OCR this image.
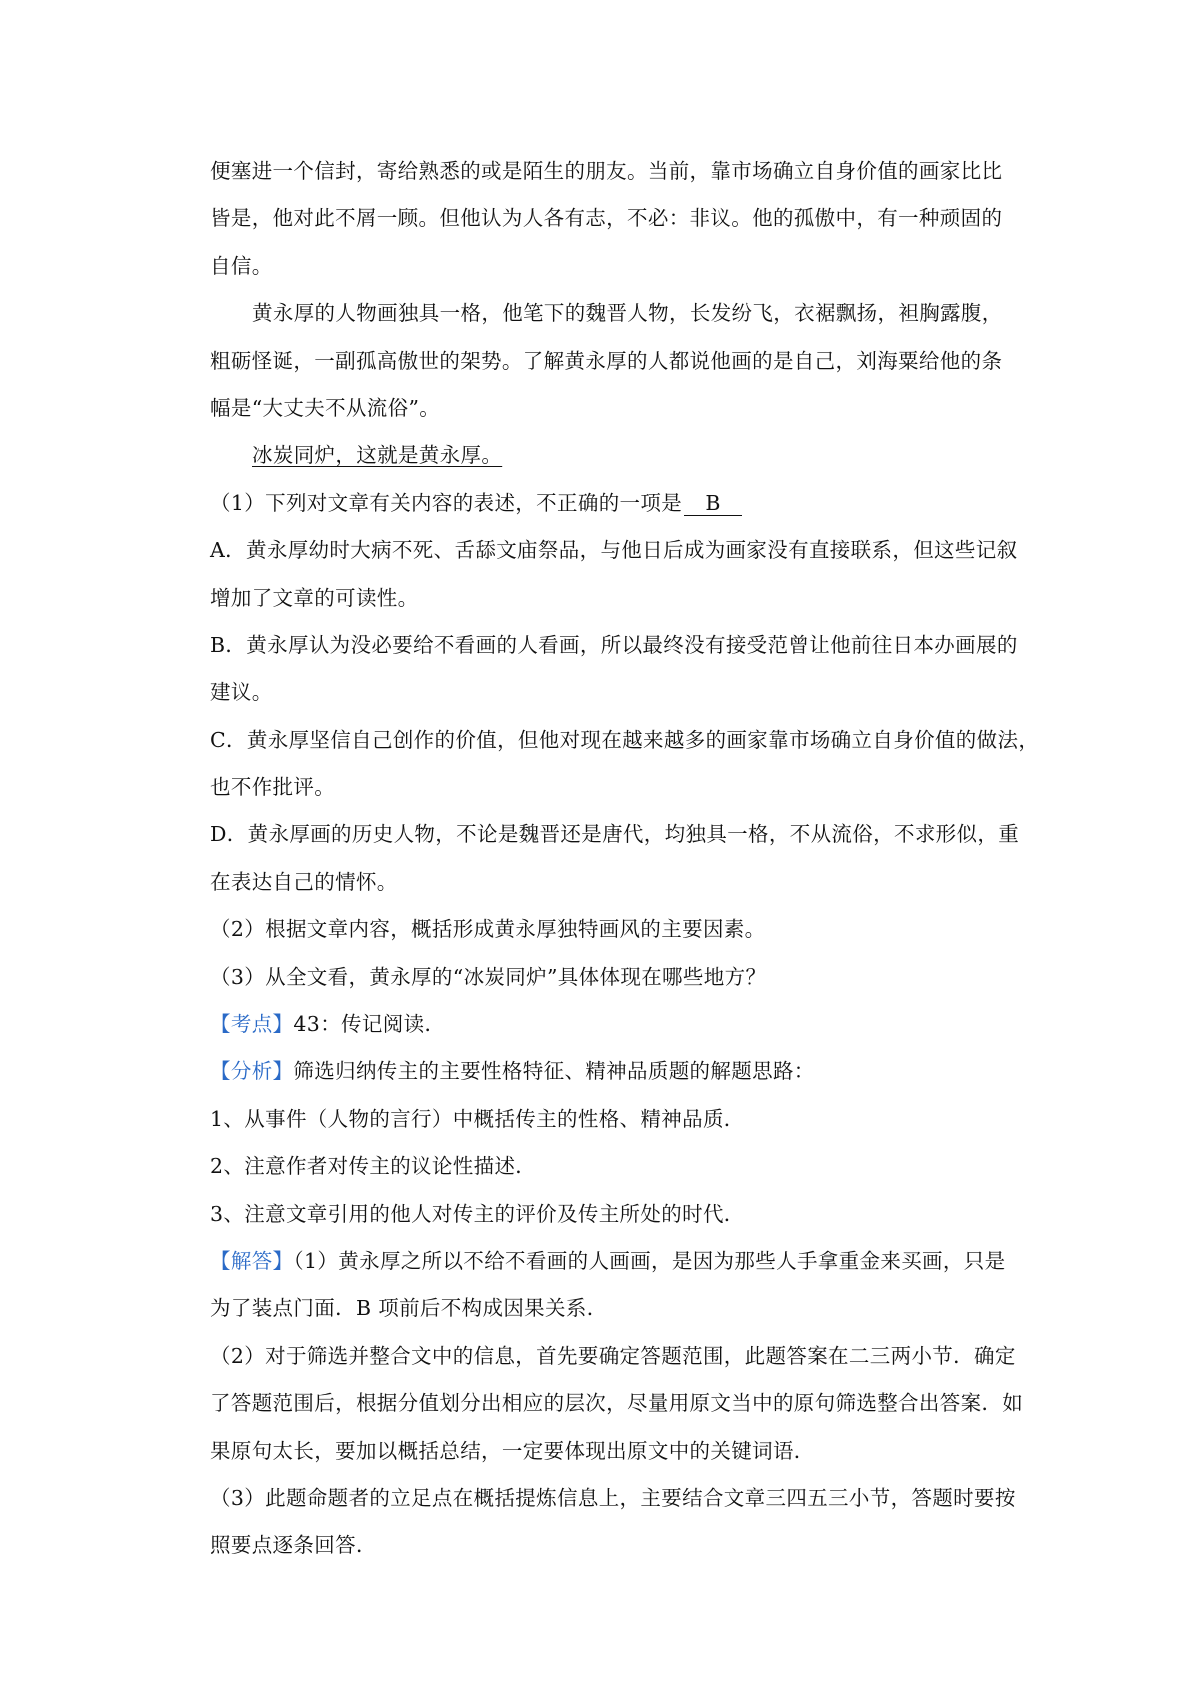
便塞进一个信封，寄给熟悉的或是陌生的朋友。当前，靠市场确立自身价值的画家比比
皆是，他对此不屑一顾。但他认为人各有志，不必：非议。他的孤傲中，有一种顽固的
自信。
黄永厚的人物画独具一格，他笔下的魏晋人物，长发纷飞，衣裾飘扬，袒胸露腹，
粗砺怪诞，一副孤高傲世的架势。了解黄永厚的人都说他画的是自己，刘海粟给他的条
幅是“大丈夫不从流俗”。
冰炭同炉，这就是黄永厚。
（1）下列对文章有关内容的表述，不正确的一项是 B
A．黄永厚幼时大病不死、舌舔文庙祭品，与他日后成为画家没有直接联系，但这些记叙
增加了文章的可读性。
B．黄永厚认为没必要给不看画的人看画，所以最终没有接受范曾让他前往日本办画展的
建议。
C．黄永厚坚信自己创作的价值，但他对现在越来越多的画家靠市场确立自身价值的做法，
也不作批评。
D．黄永厚画的历史人物，不论是魏晋还是唐代，均独具一格，不从流俗，不求形似，重
在表达自己的情怀。
（2）根据文章内容，概括形成黄永厚独特画风的主要因素。
（3）从全文看，黄永厚的“冰炭同炉”具体体现在哪些地方？
【考点】43：传记阅读．
【分析】筛选归纳传主的主要性格特征、精神品质题的解题思路：
1、从事件（人物的言行）中概括传主的性格、精神品质．
2、注意作者对传主的议论性描述．
3、注意文章引用的他人对传主的评价及传主所处的时代．
【解答】（1）黄永厚之所以不给不看画的人画画，是因为那些人手拿重金来买画，只是
为了装点门面．B 项前后不构成因果关系．
（2）对于筛选并整合文中的信息，首先要确定答题范围，此题答案在二三两小节．确定
了答题范围后，根据分值划分出相应的层次，尽量用原文当中的原句筛选整合出答案．如
果原句太长，要加以概括总结，一定要体现出原文中的关键词语．
（3）此题命题者的立足点在概括提炼信息上，主要结合文章三四五三小节，答题时要按
照要点逐条回答．
